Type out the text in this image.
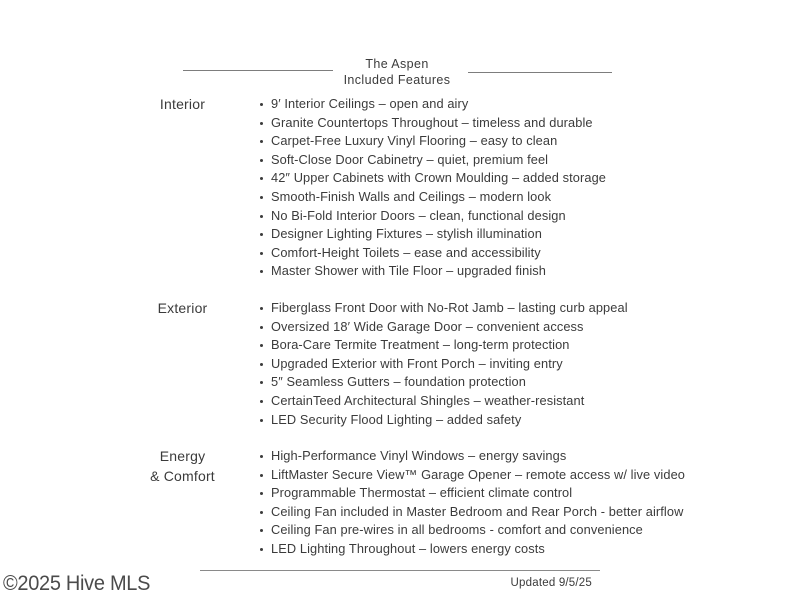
The Aspen
Included Features
Interior	9′ Interior Ceilings – open and airy
Granite Countertops Throughout – timeless and durable
Carpet-Free Luxury Vinyl Flooring – easy to clean
Soft-Close Door Cabinetry – quiet, premium feel
42″ Upper Cabinets with Crown Moulding – added storage
Smooth-Finish Walls and Ceilings – modern look
No Bi-Fold Interior Doors – clean, functional design
Designer Lighting Fixtures – stylish illumination
Comfort-Height Toilets – ease and accessibility
Master Shower with Tile Floor – upgraded finish
Exterior	Fiberglass Front Door with No-Rot Jamb – lasting curb appeal
Oversized 18′ Wide Garage Door – convenient access
Bora-Care Termite Treatment – long-term protection
Upgraded Exterior with Front Porch – inviting entry
5″ Seamless Gutters – foundation protection
CertainTeed Architectural Shingles – weather-resistant
LED Security Flood Lighting – added safety
Energy
& Comfort
High-Performance Vinyl Windows – energy savings
LiftMaster Secure View™ Garage Opener – remote access w/ live video
Programmable Thermostat – efficient climate control
Ceiling Fan included in Master Bedroom and Rear Porch - better airflow
Ceiling Fan pre-wires in all bedrooms - comfort and convenience
LED Lighting Throughout – lowers energy costs
Updated 9/5/25
©2025 Hive MLS
